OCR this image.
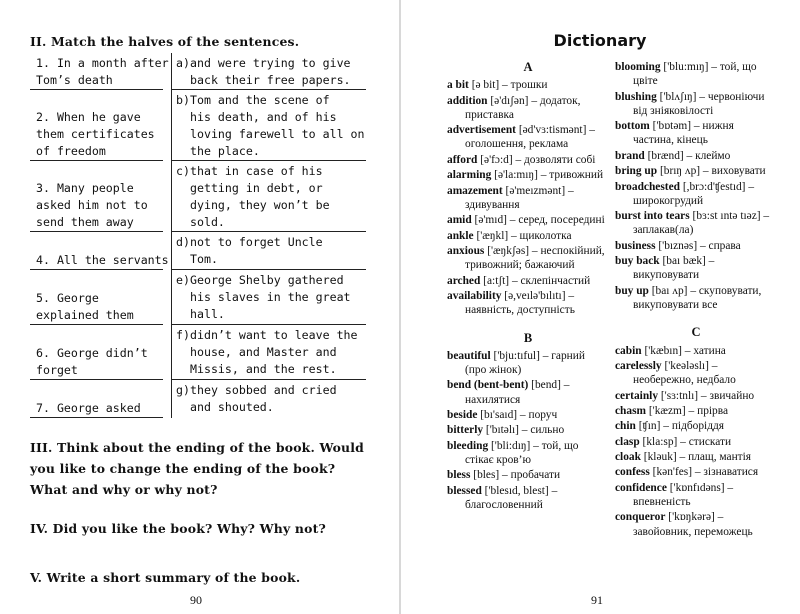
II. Match the halves of the sentences.
1. In a month after
Tom’s death
a) and were trying to give
back their free papers.
2. When he gave
them certificates
of freedom
b) Tom and the scene of
his death, and of his
loving farewell to all on
the place.
3. Many people
asked him not to
send them away
c) that in case of his
getting in debt, or
dying, they won’t be
sold.
4. All the servants
d) not to forget Uncle
Tom.
5. George
explained them
e) George Shelby gathered
his slaves in the great
hall.
6. George didn’t
forget
f) didn’t want to leave the
house, and Master and
Missis, and the rest.
7. George asked
g) they sobbed and cried
and shouted.
III. Think about the ending of the book. Would you like to change the ending of the book? What and why or why not?
IV. Did you like the book? Why? Why not?
V. Write a short summary of the book.
90
Dictionary
A
a bit [ə bit] – трошки
addition [ə'dıʃən] – додаток, приставка
advertisement [əd'vɜ:tismənt] – оголошення, реклама
afford [ə'fɔ:d] – дозволяти собі
alarming [ə'la:mıŋ] – тривожний
amazement [ə'meızmənt] – здивування
amid [ə'mıd] – серед, посередині
ankle ['æŋkl] – щиколотка
anxious ['æŋkʃəs] – неспокійний, тривожний; бажаючий
arched [a:tʃt] – склепінчастий
availability [ə,veılə'bılıtı] – наявність, доступність
B
beautiful ['bju:tıful] – гарний (про жінок)
bend (bent-bent) [bend] – нахилятися
beside [bı'saıd] – поруч
bitterly ['bıtəlı] – сильно
bleeding ['bli:dıŋ] – той, що стікає кров’ю
bless [bles] – пробачати
blessed ['blesıd, blest] – благословенний
blooming ['blu:mıŋ] – той, що цвіте
blushing ['blʌʃıŋ] – червоніючи від зніяковілості
bottom ['bɒtəm] – нижня частина, кінець
brand [brænd] – клеймо
bring up [brıŋ ʌp] – виховувати
broadchested [,brɔ:d'ʧestıd] – широкогрудий
burst into tears [bɜ:st ıntə tıəz] – заплакав(ла)
business ['bıznəs] – справа
buy back [baı bæk] – викуповувати
buy up [baı ʌp] – скуповувати, викуповувати все
C
cabin ['kæbın] – хатина
carelessly ['keələslı] – необережно, недбало
certainly ['sɜ:tnlı] – звичайно
chasm ['kæzm] – прірва
chin [ʧın] – підборіддя
clasp [kla:sp] – стискати
cloak [kləuk] – плащ, мантія
confess [kən'fes] – зізнаватися
confidence ['kɒnfıdəns] – впевненість
conqueror ['kɒŋkərə] – завойовник, переможець
91
